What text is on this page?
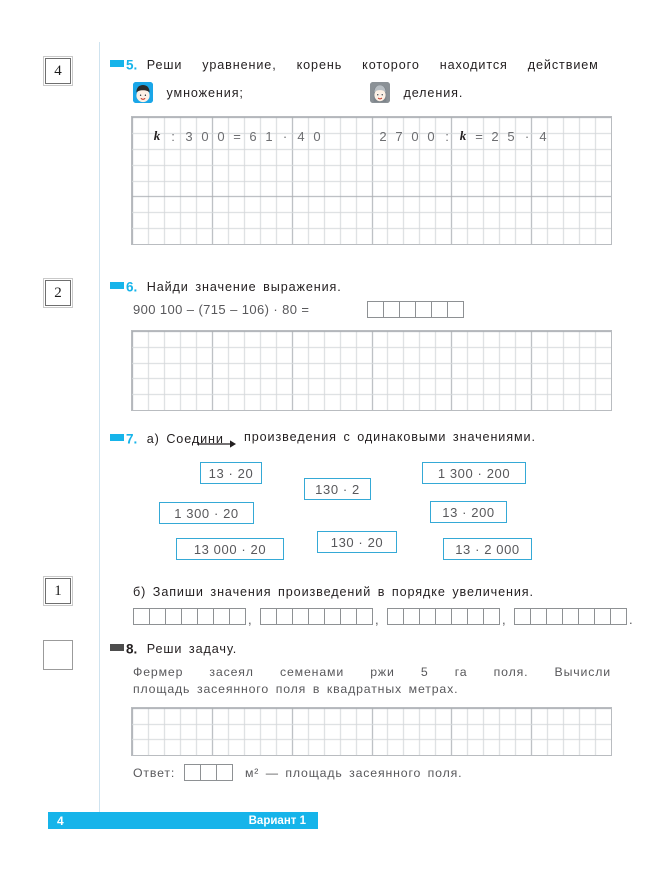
4
2
1
5. Реши уравнение, корень которого находится действием
умножения;	деления.
k : 3 0 0 = 6 1 · 4 0	2 7 0 0 : k = 2 5 · 4
6. Найди значение выражения.
900 100 – (715 – 106) · 80 =
7. а) Соедини произведения с одинаковыми значениями.
13 · 20
130 · 2
1 300 · 200
1 300 · 20	13 · 200
13 000 · 20	130 · 20	13 · 2 000
б) Запиши значения произведений в порядке увеличения.
,	,	,	.
8. Реши задачу.
Фермер засеял семенами ржи 5 га поля. Вычисли
площадь засеянного поля в квадратных метрах.
Ответ:	м² — площадь засеянного поля.
4	Вариант 1
